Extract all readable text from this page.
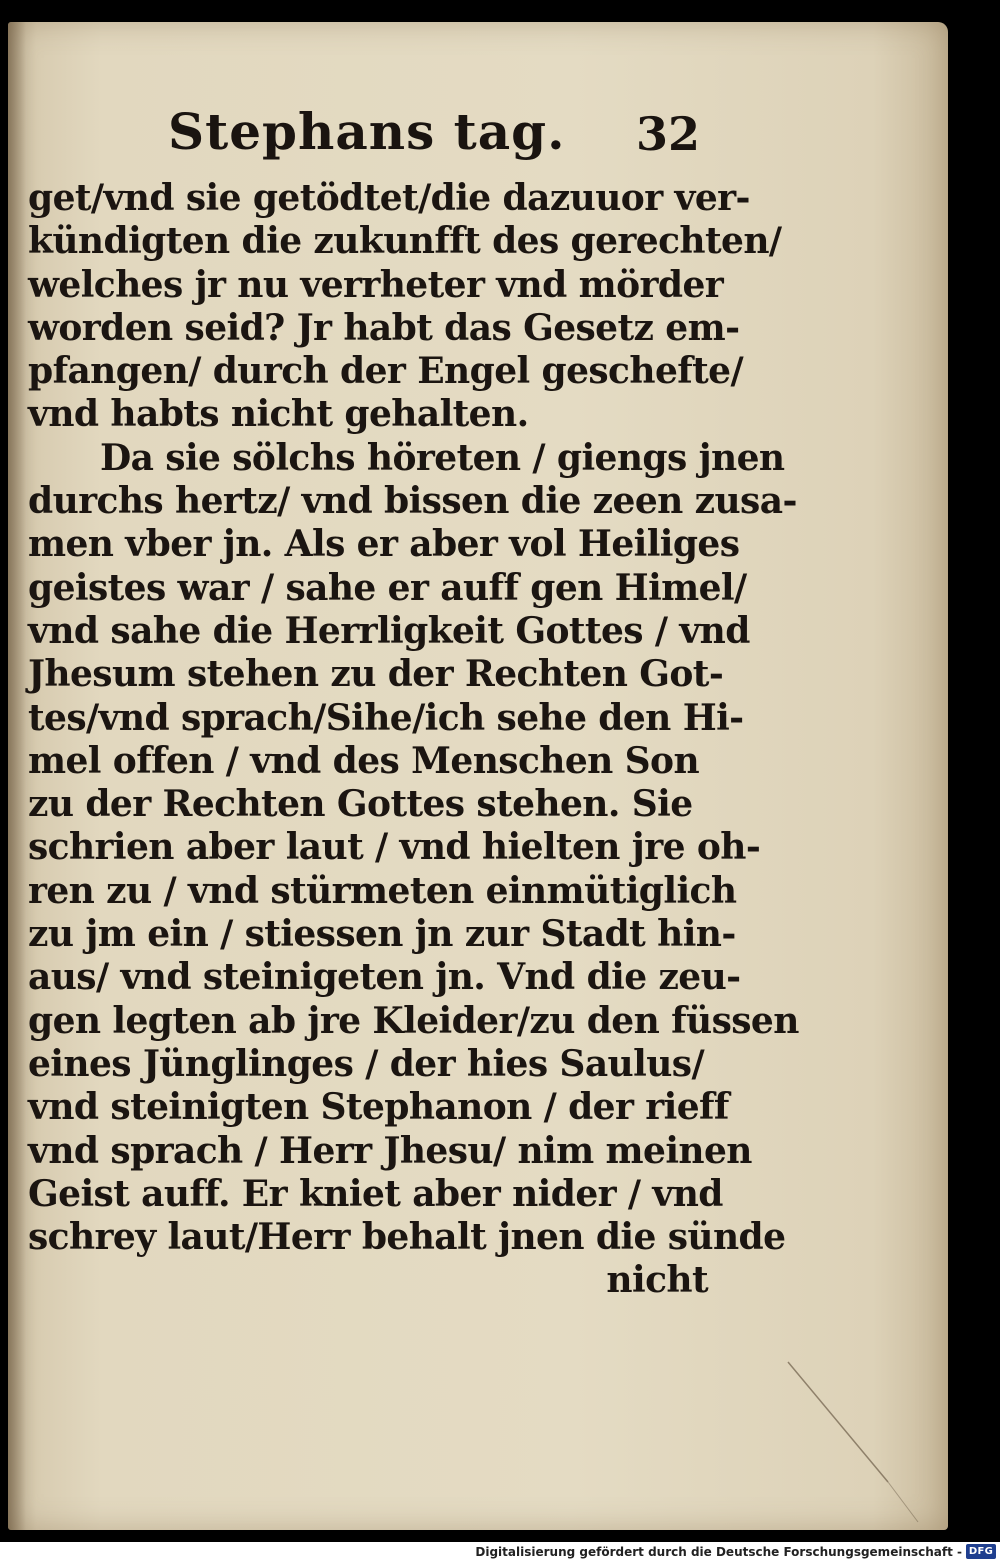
Stephans tag. 32
get/vnd sie getödtet/die dazuuor ver-
kündigten die zukunfft des gerechten/
welches jr nu verrheter vnd mörder
worden seid? Jr habt das Gesetz em-
pfangen/ durch der Engel geschefte/
vnd habts nicht gehalten.
Da sie sölchs höreten / giengs jnen
durchs hertz/ vnd bissen die zeen zusa-
men vber jn. Als er aber vol Heiliges
geistes war / sahe er auff gen Himel/
vnd sahe die Herrligkeit Gottes / vnd
Jhesum stehen zu der Rechten Got-
tes/vnd sprach/Sihe/ich sehe den Hi-
mel offen / vnd des Menschen Son
zu der Rechten Gottes stehen. Sie
schrien aber laut / vnd hielten jre oh-
ren zu / vnd stürmeten einmütiglich
zu jm ein / stiessen jn zur Stadt hin-
aus/ vnd steinigeten jn. Vnd die zeu-
gen legten ab jre Kleider/zu den füssen
eines Jünglinges / der hies Saulus/
vnd steinigten Stephanon / der rieff
vnd sprach / Herr Jhesu/ nim meinen
Geist auff. Er kniet aber nider / vnd
schrey laut/Herr behalt jnen die sünde
nicht
Digitalisierung gefördert durch die Deutsche Forschungsgemeinschaft - DFG
